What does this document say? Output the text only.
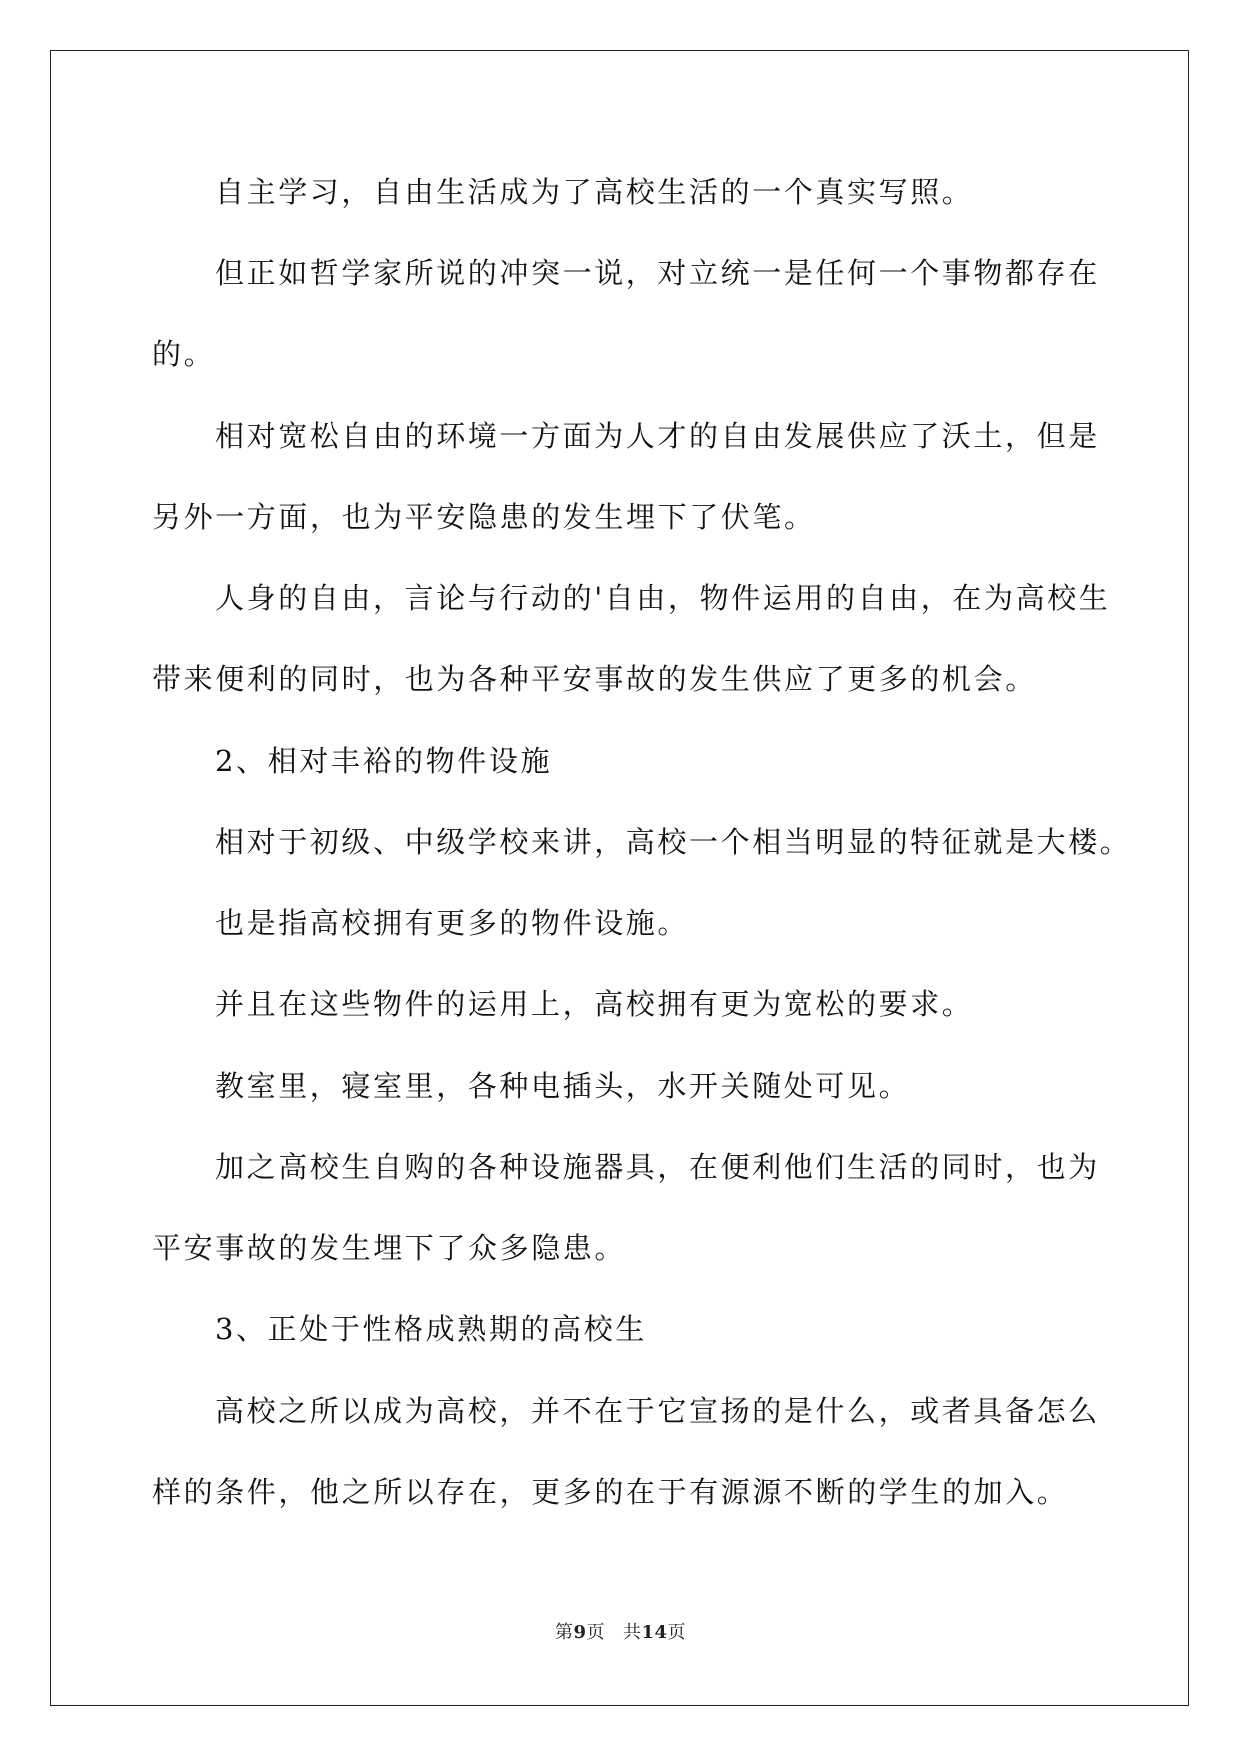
自主学习，自由生活成为了高校生活的一个真实写照。
但正如哲学家所说的冲突一说，对立统一是任何一个事物都存在
的。
相对宽松自由的环境一方面为人才的自由发展供应了沃土，但是
另外一方面，也为平安隐患的发生埋下了伏笔。
人身的自由，言论与行动的'自由，物件运用的自由，在为高校生
带来便利的同时，也为各种平安事故的发生供应了更多的机会。
2、相对丰裕的物件设施
相对于初级、中级学校来讲，高校一个相当明显的特征就是大楼。
也是指高校拥有更多的物件设施。
并且在这些物件的运用上，高校拥有更为宽松的要求。
教室里，寝室里，各种电插头，水开关随处可见。
加之高校生自购的各种设施器具，在便利他们生活的同时，也为
平安事故的发生埋下了众多隐患。
3、正处于性格成熟期的高校生
高校之所以成为高校，并不在于它宣扬的是什么，或者具备怎么
样的条件，他之所以存在，更多的在于有源源不断的学生的加入。
第9页 共14页
